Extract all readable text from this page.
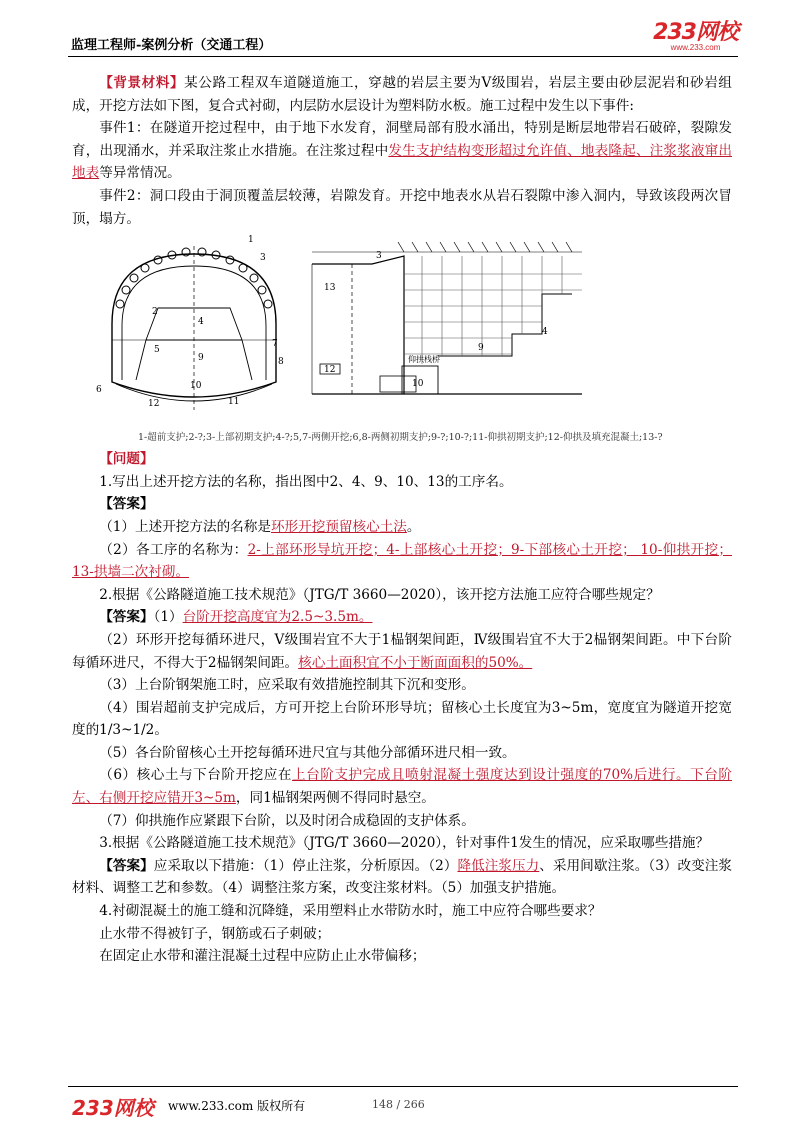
监理工程师-案例分析（交通工程）
233网校
www.233.com

【背景材料】某公路工程双车道隧道施工，穿越的岩层主要为V级围岩，岩层主要由砂层泥岩和砂岩组成，开挖方法如下图，复合式衬砌，内层防水层设计为塑料防水板。施工过程中发生以下事件:

事件1：在隧道开挖过程中，由于地下水发育，洞壁局部有股水涌出，特别是断层地带岩石破碎，裂隙发育，出现涌水，并采取注浆止水措施。在注浆过程中发生支护结构变形超过允许值、地表隆起、注浆浆液窜出地表等异常情况。

事件2：洞口段由于洞顶覆盖层较薄，岩隙发育。开挖中地表水从岩石裂隙中渗入洞内，导致该段两次冒顶，塌方。

1
3
2
4
5
9
6	10
12	11
8
7
3
13
4
9
12
10
仰拱栈桥
1-超前支护;2-?;3-上部初期支护;4-?;5,7-两侧开挖;6,8-两侧初期支护;9-?;10-?;11-仰拱初期支护;12-仰拱及填充混凝土;13-?

【问题】

1.写出上述开挖方法的名称，指出图中2、4、9、10、13的工序名。

【答案】

（1）上述开挖方法的名称是环形开挖预留核心土法。

（2）各工序的名称为：2-上部环形导坑开挖；4-上部核心土开挖；9-下部核心土开挖； 10-仰拱开挖；13-拱墙二次衬砌。

2.根据《公路隧道施工技术规范》（JTG/T 3660—2020），该开挖方法施工应符合哪些规定？

【答案】（1）台阶开挖高度宜为2.5~3.5m。

（2）环形开挖每循环进尺，V级围岩宜不大于1榀钢架间距，Ⅳ级围岩宜不大于2榀钢架间距。中下台阶每循环进尺，不得大于2榀钢架间距。核心土面积宜不小于断面面积的50%。

（3）上台阶钢架施工时，应采取有效措施控制其下沉和变形。

（4）围岩超前支护完成后，方可开挖上台阶环形导坑；留核心土长度宜为3~5m，宽度宜为隧道开挖宽度的1/3~1/2。

（5）各台阶留核心土开挖每循环进尺宜与其他分部循环进尺相一致。

（6）核心土与下台阶开挖应在上台阶支护完成且喷射混凝土强度达到设计强度的70%后进行。下台阶左、右侧开挖应错开3~5m，同1榀钢架两侧不得同时悬空。

（7）仰拱施作应紧跟下台阶，以及时闭合成稳固的支护体系。

3.根据《公路隧道施工技术规范》（JTG/T 3660—2020），针对事件1发生的情况，应采取哪些措施？

【答案】应采取以下措施：（1）停止注浆，分析原因。（2）降低注浆压力、采用间歇注浆。（3）改变注浆材料、调整工艺和参数。（4）调整注浆方案，改变注浆材料。（5）加强支护措施。

4.衬砌混凝土的施工缝和沉降缝，采用塑料止水带防水时，施工中应符合哪些要求？

止水带不得被钉子，钢筋或石子刺破；

在固定止水带和灌注混凝土过程中应防止止水带偏移；

233网校 www.233.com 版权所有	148 / 266
